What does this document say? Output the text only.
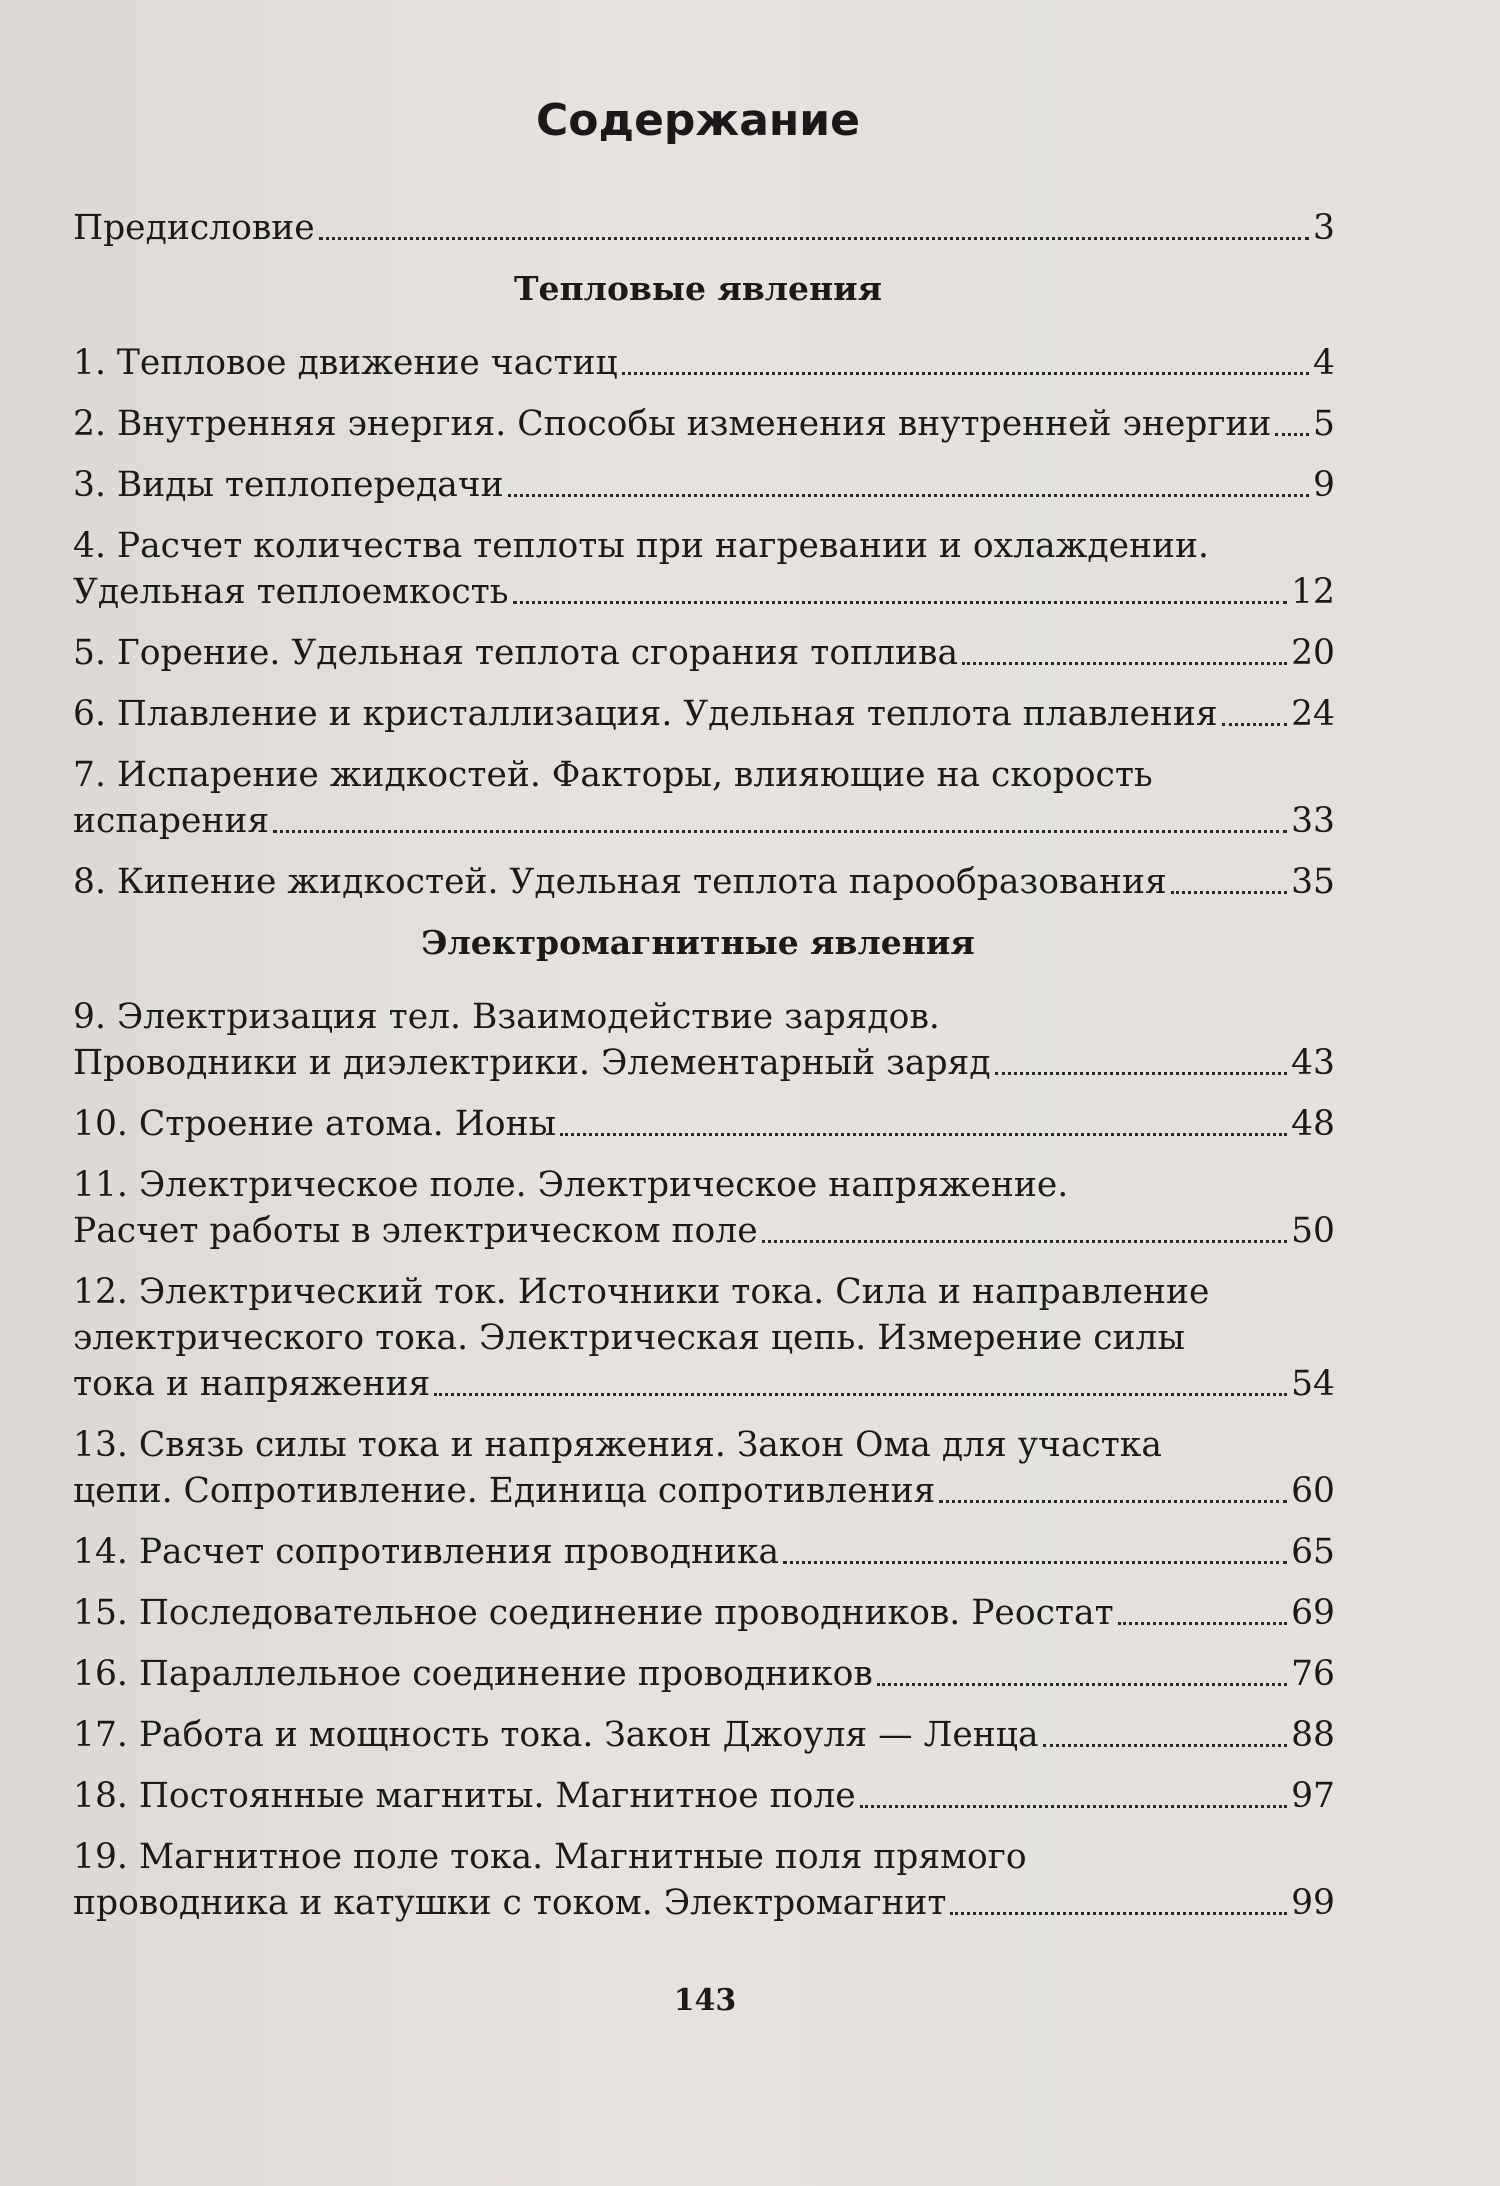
Содержание
Предисловие	3
Тепловые явления
1. Тепловое движение частиц	4
2. Внутренняя энергия. Способы изменения внутренней энергии 5
3. Виды теплопередачи	9
4. Расчет количества теплоты при нагревании и охлаждении.
Удельная теплоемкость	12
5. Горение. Удельная теплота сгорания топлива	20
6. Плавление и кристаллизация. Удельная теплота плавления 24
7. Испарение жидкостей. Факторы, влияющие на скорость
испарения	33
8. Кипение жидкостей. Удельная теплота парообразования	35
Электромагнитные явления
9. Электризация тел. Взаимодействие зарядов.
Проводники и диэлектрики. Элементарный заряд	43
10. Строение атома. Ионы	48
11. Электрическое поле. Электрическое напряжение.
Расчет работы в электрическом поле	50
12. Электрический ток. Источники тока. Сила и направление
электрического тока. Электрическая цепь. Измерение силы
тока и напряжения	54
13. Связь силы тока и напряжения. Закон Ома для участка
цепи. Сопротивление. Единица сопротивления	60
14. Расчет сопротивления проводника	65
15. Последовательное соединение проводников. Реостат	69
16. Параллельное соединение проводников	76
17. Работа и мощность тока. Закон Джоуля — Ленца	88
18. Постоянные магниты. Магнитное поле	97
19. Магнитное поле тока. Магнитные поля прямого
проводника и катушки с током. Электромагнит	99
143
